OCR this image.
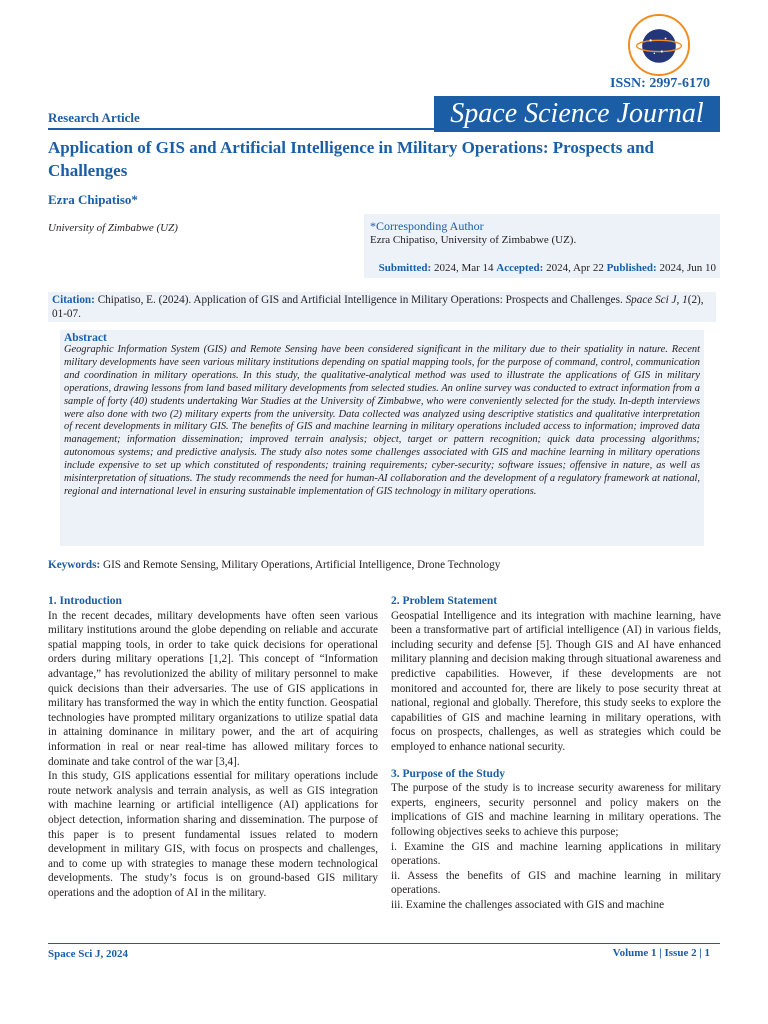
ISSN: 2997-6170
Research Article	Space Science Journal
Application of GIS and Artificial Intelligence in Military Operations: Prospects and Challenges
Ezra Chipatiso*
University of Zimbabwe (UZ)	*Corresponding Author
Ezra Chipatiso, University of Zimbabwe (UZ).
Submitted: 2024, Mar 14 Accepted: 2024, Apr 22 Published: 2024, Jun 10
Citation: Chipatiso, E. (2024). Application of GIS and Artificial Intelligence in Military Operations: Prospects and Challenges. Space Sci J, 1(2), 01-07.
Abstract

Geographic Information System (GIS) and Remote Sensing have been considered significant in the military due to their spatiality in nature. Recent military developments have seen various military institutions depending on spatial mapping tools, for the purpose of command, control, communication and coordination in military operations. In this study, the qualitative-analytical method was used to illustrate the applications of GIS in military operations, drawing lessons from land based military developments from selected studies. An online survey was conducted to extract information from a sample of forty (40) students undertaking War Studies at the University of Zimbabwe, who were conveniently selected for the study. In-depth interviews were also done with two (2) military experts from the university. Data collected was analyzed using descriptive statistics and qualitative interpretation of recent developments in military GIS. The benefits of GIS and machine learning in military operations included access to information; improved data management; information dissemination; improved terrain analysis; object, target or pattern recognition; quick data processing algorithms; autonomous systems; and predictive analysis. The study also notes some challenges associated with GIS and machine learning in military operations include expensive to set up which constituted of respondents; training requirements; cyber-security; software issues; offensive in nature, as well as misinterpretation of situations. The study recommends the need for human-AI collaboration and the development of a regulatory framework at national, regional and international level in ensuring sustainable implementation of GIS technology in military operations.

Keywords: GIS and Remote Sensing, Military Operations, Artificial Intelligence, Drone Technology
1. Introduction

In the recent decades, military developments have often seen various military institutions around the globe depending on reliable and accurate spatial mapping tools, in order to take quick decisions for operational orders during military operations [1,2]. This concept of “Information advantage,” has revolutionized the ability of military personnel to make quick decisions than their adversaries. The use of GIS applications in military has transformed the way in which the entity function. Geospatial technologies have prompted military organizations to utilize spatial data in attaining dominance in military power, and the art of acquiring information in real or near real-time has allowed military forces to dominate and take control of the war [3,4].

In this study, GIS applications essential for military operations include route network analysis and terrain analysis, as well as GIS integration with machine learning or artificial intelligence (AI) applications for object detection, information sharing and dissemination. The purpose of this paper is to present fundamental issues related to modern development in military GIS, with focus on prospects and challenges, and to come up with strategies to manage these modern technological developments. The study’s focus is on ground-based GIS military operations and the adoption of AI in the military.

2. Problem Statement

Geospatial Intelligence and its integration with machine learning, have been a transformative part of artificial intelligence (AI) in various fields, including security and defense [5]. Though GIS and AI have enhanced military planning and decision making through situational awareness and predictive capabilities. However, if these developments are not monitored and accounted for, there are likely to pose security threat at national, regional and globally. Therefore, this study seeks to explore the capabilities of GIS and machine learning in military operations, with focus on prospects, challenges, as well as strategies which could be employed to enhance national security.

3. Purpose of the Study

The purpose of the study is to increase security awareness for military experts, engineers, security personnel and policy makers on the implications of GIS and machine learning in military operations. The following objectives seeks to achieve this purpose;

i. Examine the GIS and machine learning applications in military operations.

ii. Assess the benefits of GIS and machine learning in military operations.

iii. Examine the challenges associated with GIS and machine

Space Sci J, 2024	Volume 1 | Issue 2 | 1
